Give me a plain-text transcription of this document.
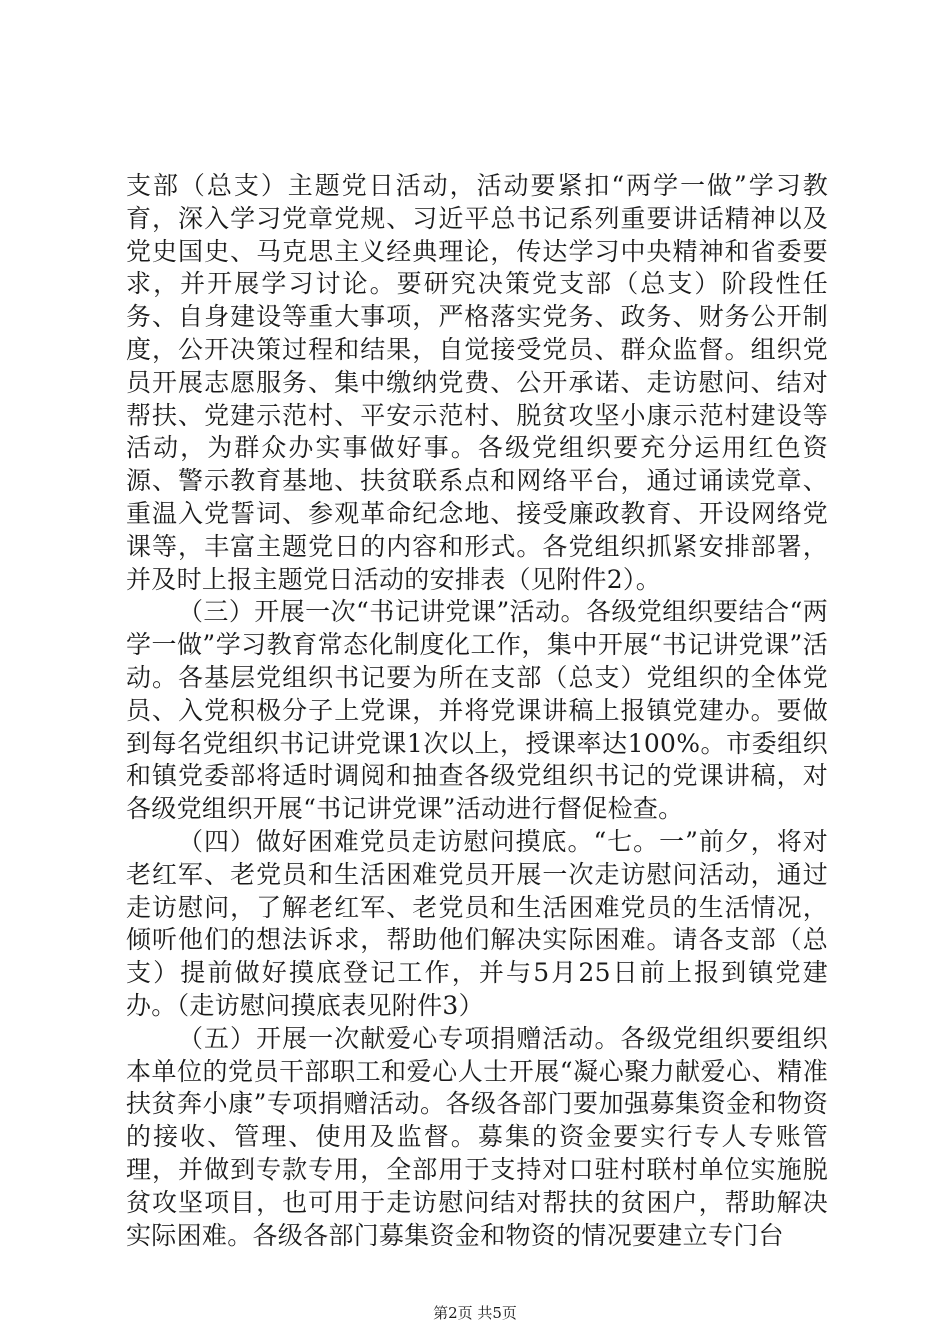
支部（总支）主题党日活动，活动要紧扣“两学一做”学习教育，深入学习党章党规、习近平总书记系列重要讲话精神以及党史国史、马克思主义经典理论，传达学习中央精神和省委要求，并开展学习讨论。要研究决策党支部（总支）阶段性任务、自身建设等重大事项，严格落实党务、政务、财务公开制度，公开决策过程和结果，自觉接受党员、群众监督。组织党员开展志愿服务、集中缴纳党费、公开承诺、走访慰问、结对帮扶、党建示范村、平安示范村、脱贫攻坚小康示范村建设等活动，为群众办实事做好事。各级党组织要充分运用红色资源、警示教育基地、扶贫联系点和网络平台，通过诵读党章、重温入党誓词、参观革命纪念地、接受廉政教育、开设网络党课等，丰富主题党日的内容和形式。各党组织抓紧安排部署，并及时上报主题党日活动的安排表（见附件2）。

（三）开展一次“书记讲党课”活动。各级党组织要结合“两学一做”学习教育常态化制度化工作，集中开展“书记讲党课”活动。各基层党组织书记要为所在支部（总支）党组织的全体党员、入党积极分子上党课，并将党课讲稿上报镇党建办。要做到每名党组织书记讲党课1次以上，授课率达100%。市委组织和镇党委部将适时调阅和抽查各级党组织书记的党课讲稿，对各级党组织开展“书记讲党课”活动进行督促检查。

（四）做好困难党员走访慰问摸底。“七。一”前夕，将对老红军、老党员和生活困难党员开展一次走访慰问活动，通过走访慰问，了解老红军、老党员和生活困难党员的生活情况，倾听他们的想法诉求，帮助他们解决实际困难。请各支部（总支）提前做好摸底登记工作，并与5月25日前上报到镇党建办。（走访慰问摸底表见附件3）

（五）开展一次献爱心专项捐赠活动。各级党组织要组织本单位的党员干部职工和爱心人士开展“凝心聚力献爱心、精准扶贫奔小康”专项捐赠活动。各级各部门要加强募集资金和物资的接收、管理、使用及监督。募集的资金要实行专人专账管理，并做到专款专用，全部用于支持对口驻村联村单位实施脱贫攻坚项目，也可用于走访慰问结对帮扶的贫困户，帮助解决实际困难。各级各部门募集资金和物资的情况要建立专门台

第2页 共5页
